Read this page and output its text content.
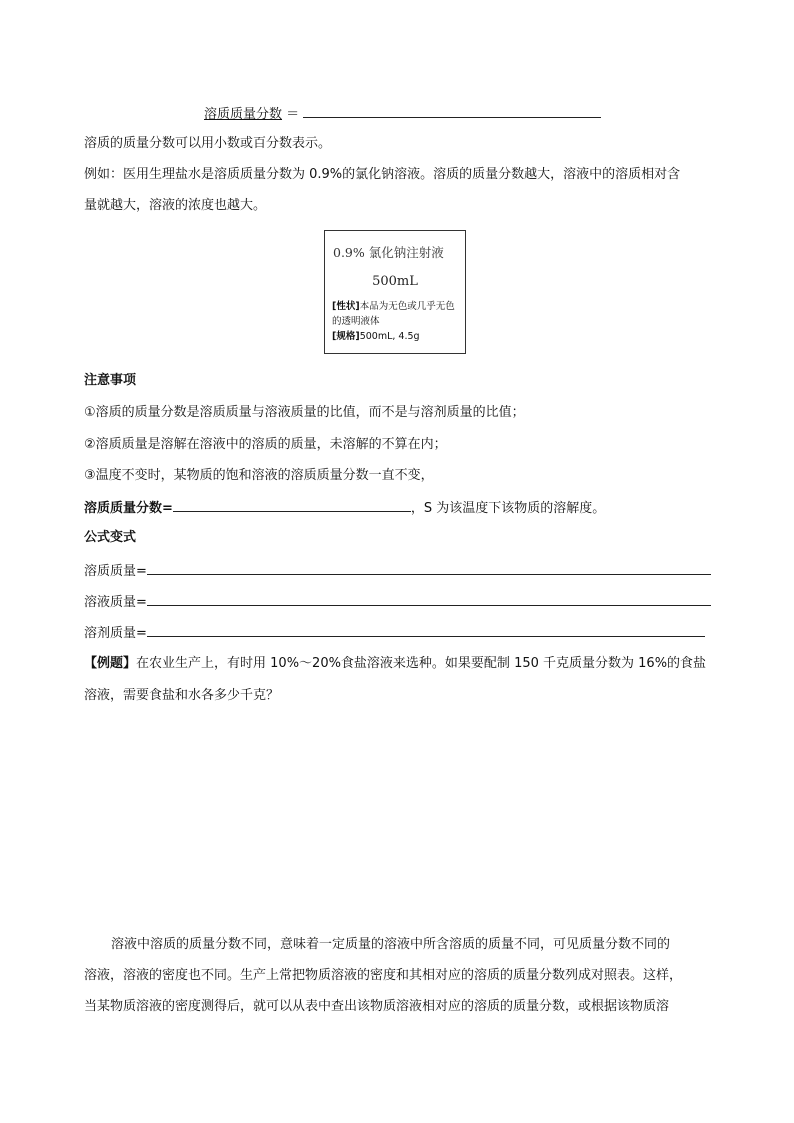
溶质质量分数 ＝
溶质的质量分数可以用小数或百分数表示。
例如：医用生理盐水是溶质质量分数为 0.9%的氯化钠溶液。溶质的质量分数越大，溶液中的溶质相对含
量就越大，溶液的浓度也越大。
0.9% 氯化钠注射液
500mL
[性状]本品为无色或几乎无色的透明液体
[规格]500mL, 4.5g
注意事项
①溶质的质量分数是溶质质量与溶液质量的比值，而不是与溶剂质量的比值；
②溶质质量是溶解在溶液中的溶质的质量，未溶解的不算在内；
③温度不变时，某物质的饱和溶液的溶质质量分数一直不变，
溶质质量分数=	，S 为该温度下该物质的溶解度。
公式变式
溶质质量=
溶液质量=
溶剂质量=
【例题】在农业生产上，有时用 10%～20%食盐溶液来选种。如果要配制 150 千克质量分数为 16%的食盐
溶液，需要食盐和水各多少千克？
溶液中溶质的质量分数不同，意味着一定质量的溶液中所含溶质的质量不同，可见质量分数不同的
溶液，溶液的密度也不同。生产上常把物质溶液的密度和其相对应的溶质的质量分数列成对照表。这样，
当某物质溶液的密度测得后，就可以从表中查出该物质溶液相对应的溶质的质量分数，或根据该物质溶
